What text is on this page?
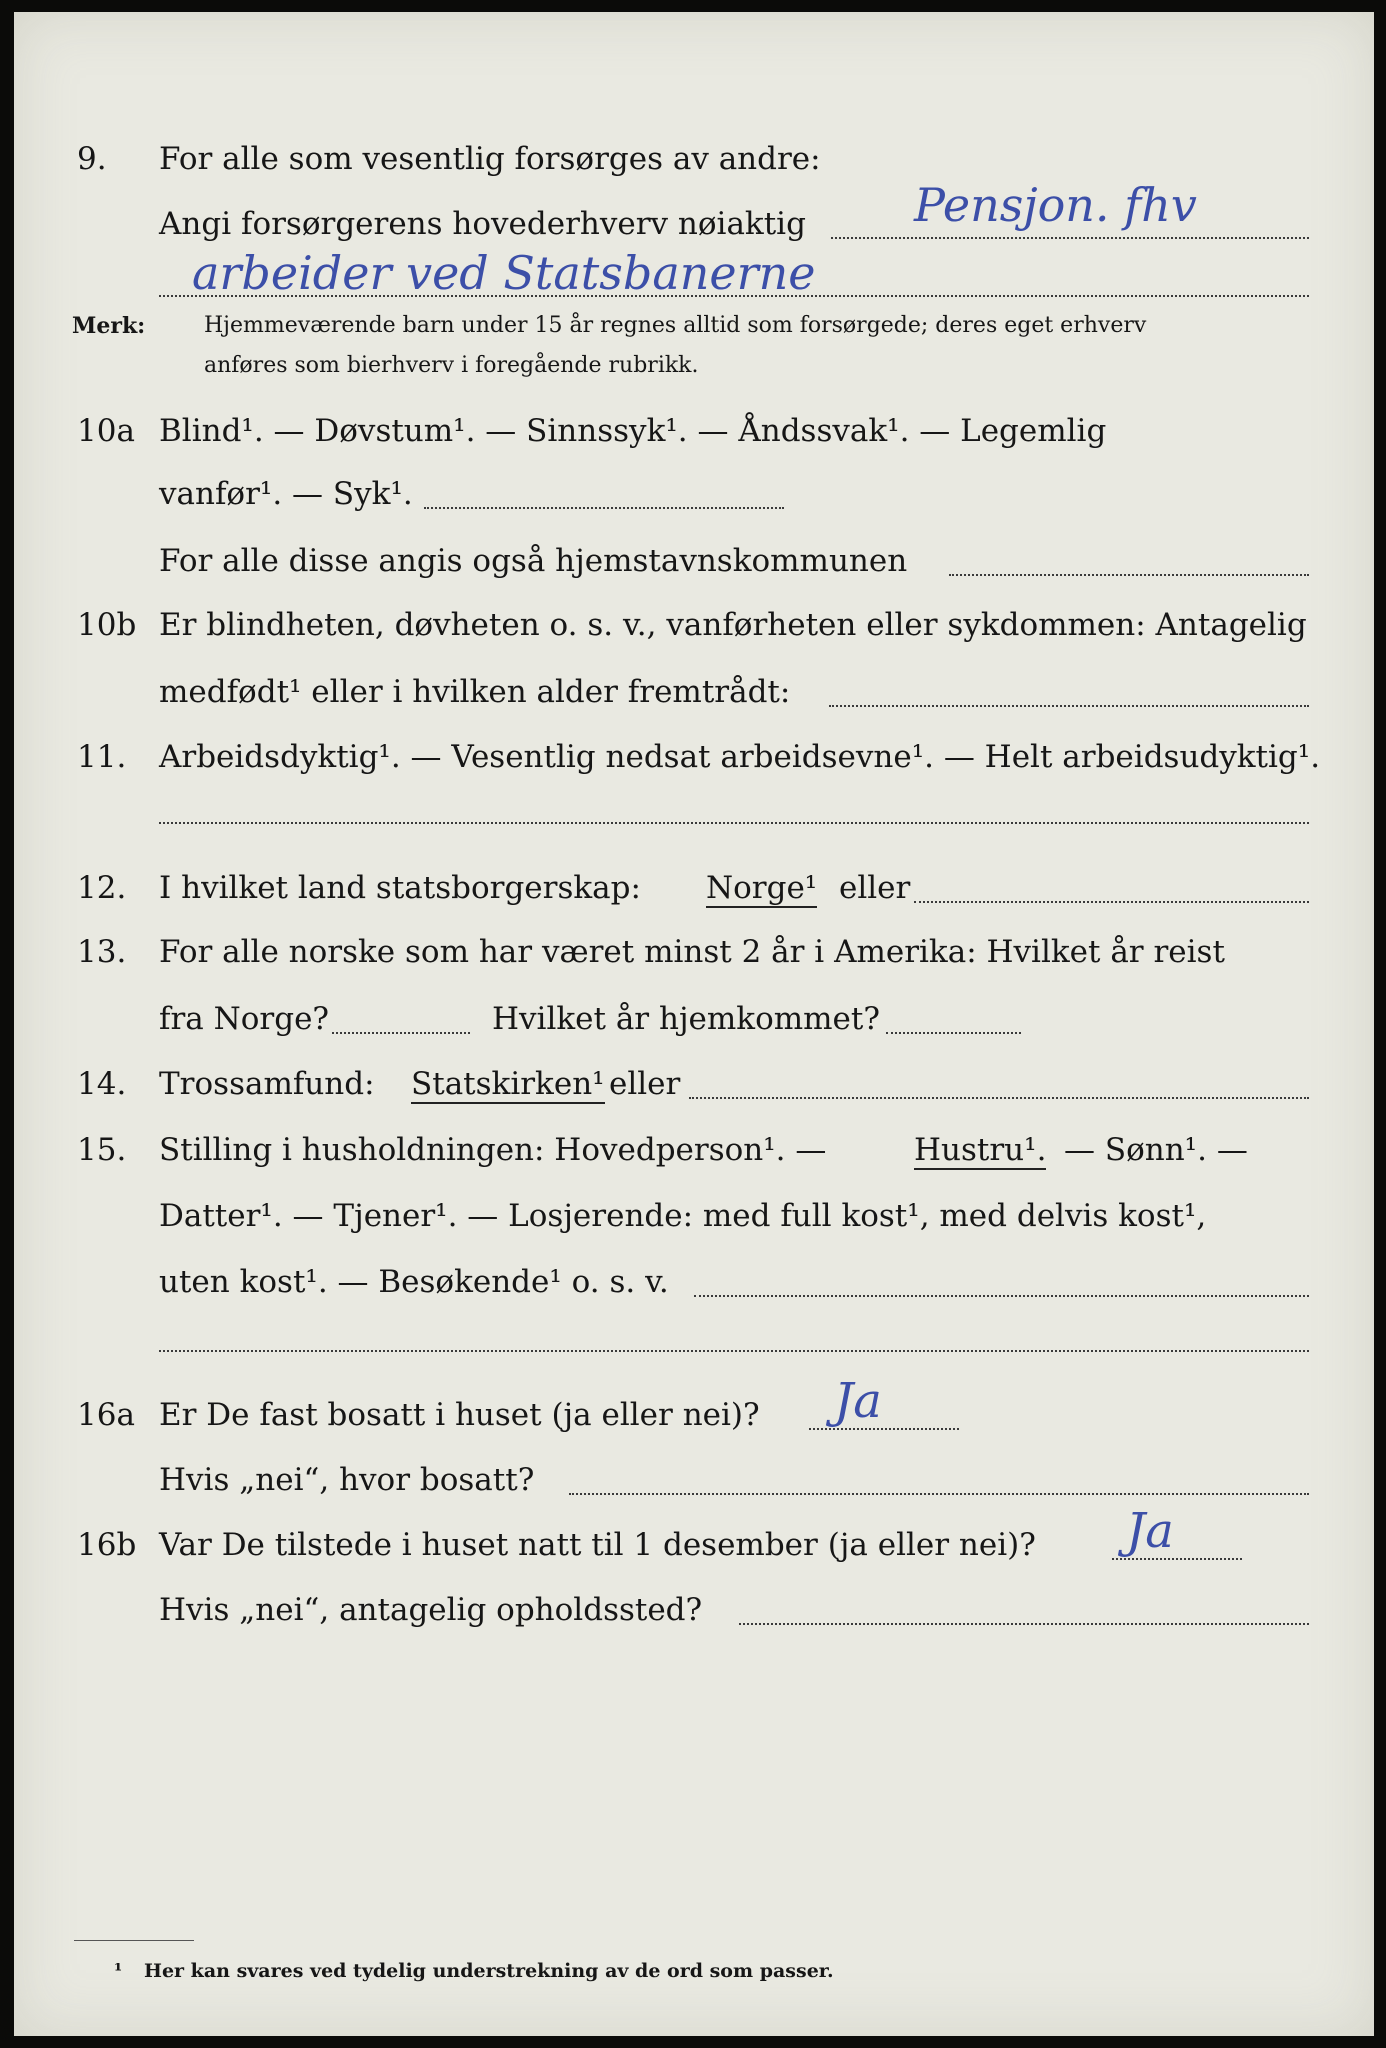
9. For alle som vesentlig forsørges av andre:
Angi forsørgerens hovederhverv nøiaktig Pensjon. fhv
arbeider ved Statsbanerne
Merk:	Hjemmeværende barn under 15 år regnes alltid som forsørgede; deres eget erhverv
anføres som bierhverv i foregående rubrikk.
10a Blind¹. — Døvstum¹. — Sinnssyk¹. — Åndssvak¹. — Legemlig
vanfør¹. — Syk¹.
For alle disse angis også hjemstavnskommunen
10b Er blindheten, døvheten o. s. v., vanførheten eller sykdommen: Antagelig
medfødt¹ eller i hvilken alder fremtrådt:
11. Arbeidsdyktig¹. — Vesentlig nedsat arbeidsevne¹. — Helt arbeidsudyktig¹.
12. I hvilket land statsborgerskap: Norge¹ eller
13. For alle norske som har været minst 2 år i Amerika: Hvilket år reist
fra Norge?	Hvilket år hjemkommet?
14. Trossamfund: Statskirken¹ eller
15. Stilling i husholdningen: Hovedperson¹. —	Hustru¹. — Sønn¹. —
Datter¹. — Tjener¹. — Losjerende: med full kost¹, med delvis kost¹,
uten kost¹. — Besøkende¹ o. s. v.
16a Er De fast bosatt i huset (ja eller nei)? Ja
Hvis „nei“, hvor bosatt?
16b Var De tilstede i huset natt til 1 desember (ja eller nei)? Ja
Hvis „nei“, antagelig opholdssted?
¹ Her kan svares ved tydelig understrekning av de ord som passer.
